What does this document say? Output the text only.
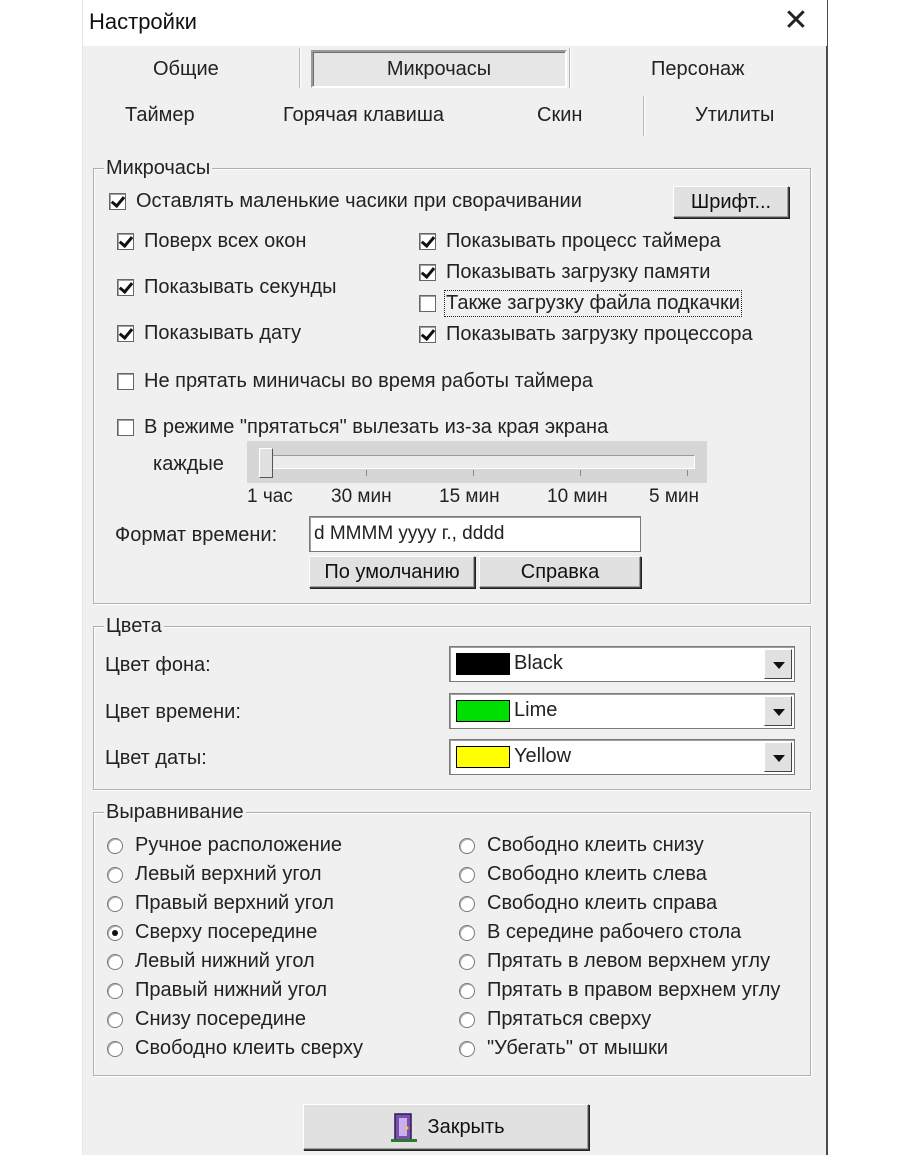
Настройки	✕
Общие	Микрочасы	Персонаж
Таймер	Горячая клавиша	Скин	Утилиты
Микрочасы
Оставлять маленькие часики при сворачивании	Шрифт...
Поверх всех окон
Показывать секунды
Показывать дату
Показывать процесс таймера
Показывать загрузку памяти
Также загрузку файла подкачки
Показывать загрузку процессора
Не прятать миничасы во время работы таймера
В режиме "прятаться" вылезать из-за края экрана
каждые
1 час 30 мин 15 мин 10 мин 5 мин
Формат времени: d MMMM yyyy г., dddd
По умолчанию	Справка
Цвета
Цвет фона:	Black
Цвет времени:	Lime
Цвет даты:	Yellow
Выравнивание
Ручное расположение
Левый верхний угол
Правый верхний угол
Сверху посередине
Левый нижний угол
Правый нижний угол
Снизу посередине
Свободно клеить сверху
Свободно клеить снизу
Свободно клеить слева
Свободно клеить справа
В середине рабочего стола
Прятать в левом верхнем углу
Прятать в правом верхнем углу
Прятаться сверху
"Убегать" от мышки
Закрыть
